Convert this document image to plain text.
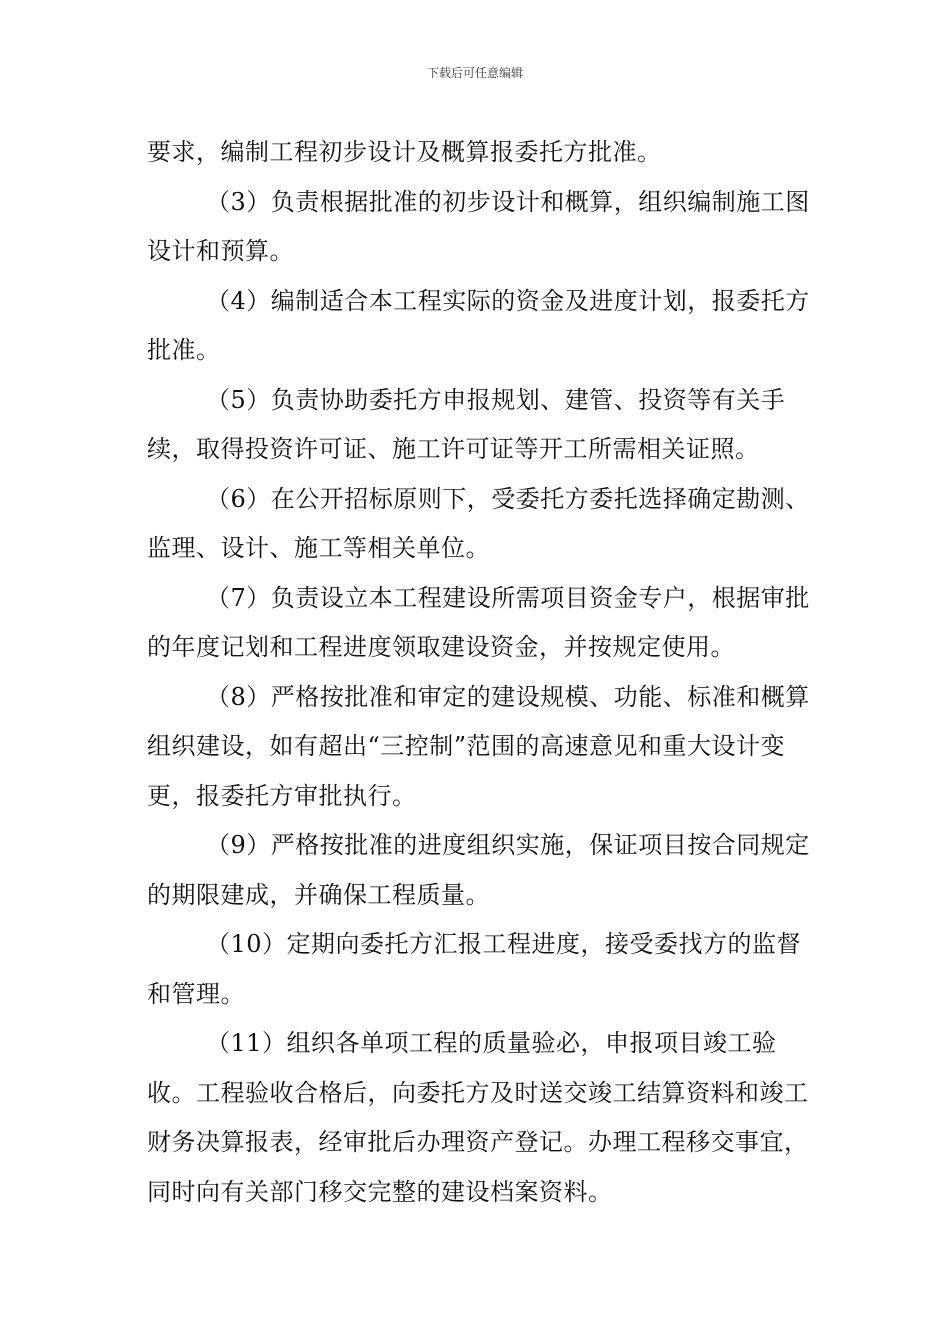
下载后可任意编辑

要求，编制工程初步设计及概算报委托方批准。

（3）负责根据批准的初步设计和概算，组织编制施工图设计和预算。

（4）编制适合本工程实际的资金及进度计划，报委托方批准。

（5）负责协助委托方申报规划、建管、投资等有关手续，取得投资许可证、施工许可证等开工所需相关证照。

（6）在公开招标原则下，受委托方委托选择确定勘测、监理、设计、施工等相关单位。

（7）负责设立本工程建设所需项目资金专户，根据审批的年度记划和工程进度领取建设资金，并按规定使用。

（8）严格按批准和审定的建设规模、功能、标准和概算组织建设，如有超出“三控制”范围的高速意见和重大设计变更，报委托方审批执行。

（9）严格按批准的进度组织实施，保证项目按合同规定的期限建成，并确保工程质量。

（10）定期向委托方汇报工程进度，接受委找方的监督和管理。

（11）组织各单项工程的质量验必，申报项目竣工验收。工程验收合格后，向委托方及时送交竣工结算资料和竣工财务决算报表，经审批后办理资产登记。办理工程移交事宜，同时向有关部门移交完整的建设档案资料。
